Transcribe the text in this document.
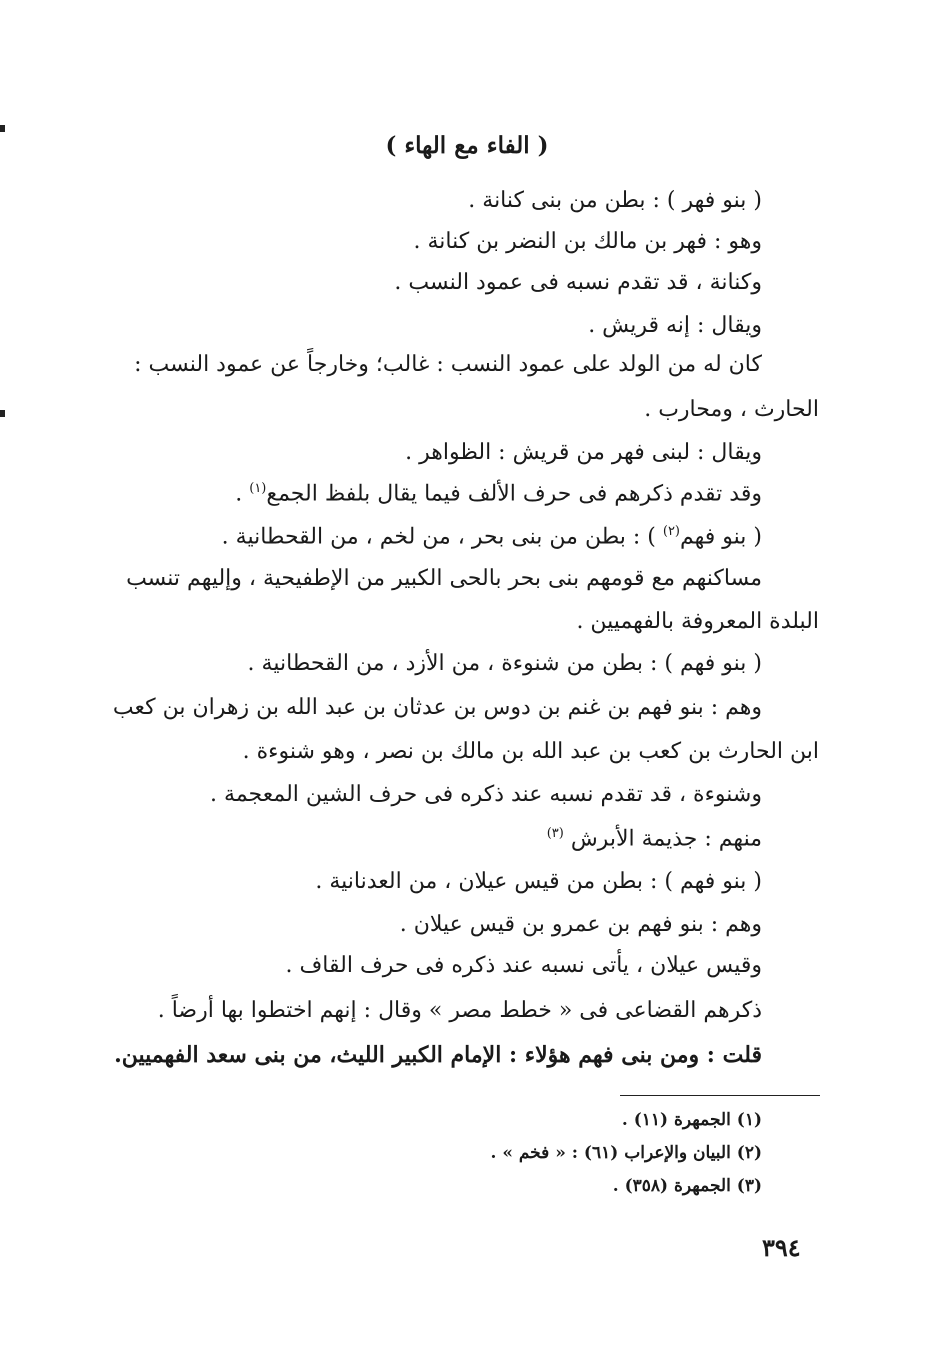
( الفاء مع الهاء )
( بنو فهر ) : بطن من بنى كنانة .
وهو : فهر بن مالك بن النضر بن كنانة .
وكنانة ، قد تقدم نسبه فى عمود النسب .
ويقال : إنه قريش .
كان له من الولد على عمود النسب : غالب؛ وخارجاً عن عمود النسب :
الحارث ، ومحارب .
ويقال : لبنى فهر من قريش : الظواهر .
وقد تقدم ذكرهم فى حرف الألف فيما يقال بلفظ الجمع$^{(١)}$ .
( بنو فهم$^{(٢)}$ ) : بطن من بنى بحر ، من لخم ، من القحطانية .
مساكنهم مع قومهم بنى بحر بالحى الكبير من الإطفيحية ، وإليهم تنسب
البلدة المعروفة بالفهميين .
( بنو فهم ) : بطن من شنوءة ، من الأزد ، من القحطانية .
وهم : بنو فهم بن غنم بن دوس بن عدثان بن عبد الله بن زهران بن كعب
ابن الحارث بن كعب بن عبد الله بن مالك بن نصر ، وهو شنوءة .
وشنوءة ، قد تقدم نسبه عند ذكره فى حرف الشين المعجمة .
منهم : جذيمة الأبرش $^{(٣)}$
( بنو فهم ) : بطن من قيس عيلان ، من العدنانية .
وهم : بنو فهم بن عمرو بن قيس عيلان .
وقيس عيلان ، يأتى نسبه عند ذكره فى حرف القاف .
ذكرهم القضاعى فى « خطط مصر » وقال : إنهم اختطوا بها أرضاً .
قلت : ومن بنى فهم هؤلاء : الإمام الكبير الليث، من بنى سعد الفهميين.
(١) الجمهرة (١١) .
(٢) البيان والإعراب (٦١) : « فخم » .
(٣) الجمهرة (٣٥٨) .
٣٩٤
